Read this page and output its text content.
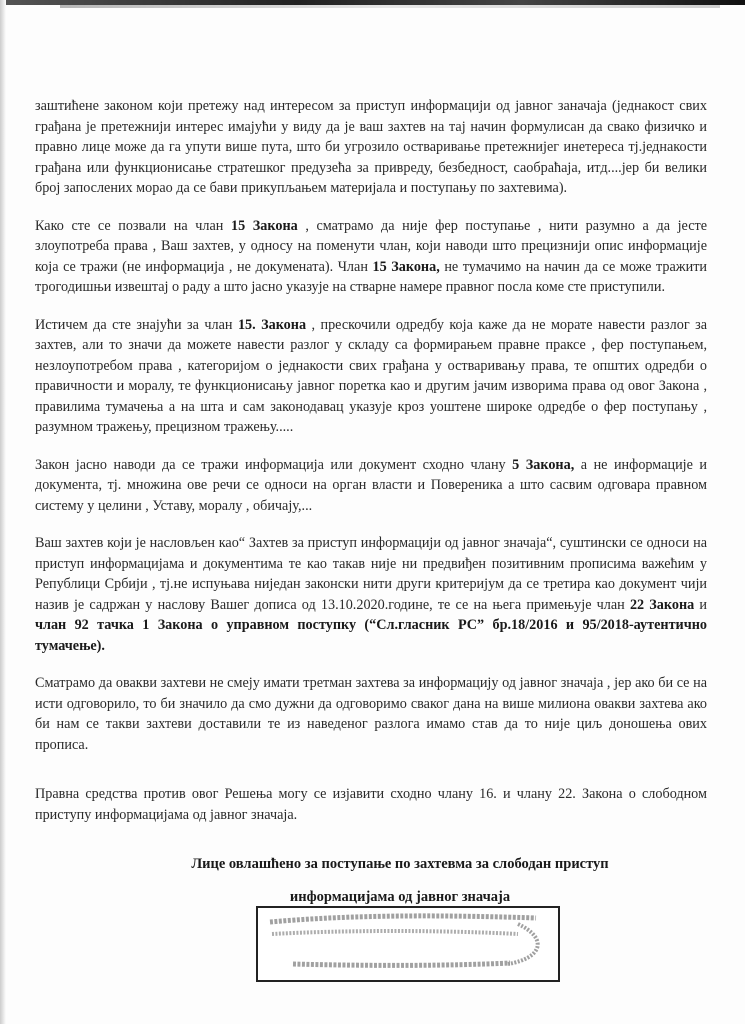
заштићене законом који претежу над интересом за приступ информацији од јавног заначаја (једнакост свих грађана је претежнији интерес имајући у виду да је ваш захтев на тај начин формулисан да свако физичко и правно лице може да га упути више пута, што би угрозило остваривање претежнијег инетереса тј.једнакости грађана или функционисање стратешког предузећа за привреду, безбедност, саобраћаја, итд....јер би велики број запослених морао да се бави прикупљањем материјала и поступању по захтевима).

Како сте се позвали на члан 15 Закона , сматрамо да није фер поступање , нити разумно а да јесте злоупотреба права , Ваш захтев, у односу на поменути члан, који наводи што прецизнији опис информације која се тражи (не информација , не докумената). Члан 15 Закона, не тумачимо на начин да се може тражити трогодишњи извештај о раду а што јасно указује на стварне намере правног посла коме сте приступили.

Истичем да сте знајући за члан 15. Закона , прескочили одредбу која каже да не морате навести разлог за захтев, али то значи да можете навести разлог у складу са формирањем правне праксе , фер поступањем, незлоупотребом права , категоријом о једнакости свих грађана у остваривању права, те општих одредби о правичности и моралу, те функционисању јавног поретка као и другим јачим изворима права од овог Закона , правилима тумачења а на шта и сам законодавац указује кроз уоштене широке одредбе о фер поступању , разумном тражењу, прецизном тражењу.....

Закон јасно наводи да се тражи информација или документ сходно члану 5 Закона, а не информације и документа, тј. множина ове речи се односи на орган власти и Повереника а што сасвим одговара правном систему у целини , Уставу, моралу , обичају,...

Ваш захтев који је насловљен као“ Захтев за приступ информацији од јавног значаја“, суштински се односи на приступ информацијама и документима те као такав није ни предвиђен позитивним прописима важећим у Републици Србији , тј.не испуњава ниједан законски нити други критеријум да се третира као документ чији назив је садржан у наслову Вашег дописа од 13.10.2020.године, те се на њега примењује члан 22 Закона и члан 92 тачка 1 Закона о управном поступку (“Сл.гласник РС” бр.18/2016 и 95/2018-аутентично тумачење).

Сматрамо да овакви захтеви не смеју имати третман захтева за информацију од јавног значаја , јер ако би се на исти одговорило, то би значило да смо дужни да одговоримо сваког дана на више милиона овакви захтева ако би нам се такви захтеви доставили те из наведеног разлога имамо став да то није циљ доношења ових прописа.

Правна средства против овог Решења могу се изјавити сходно члану 16. и члану 22. Закона о слободном приступу информацијама од јавног значаја.
Лице овлашћено за поступање по захтевма за слободан приступ
информацијама од јавног значаја
